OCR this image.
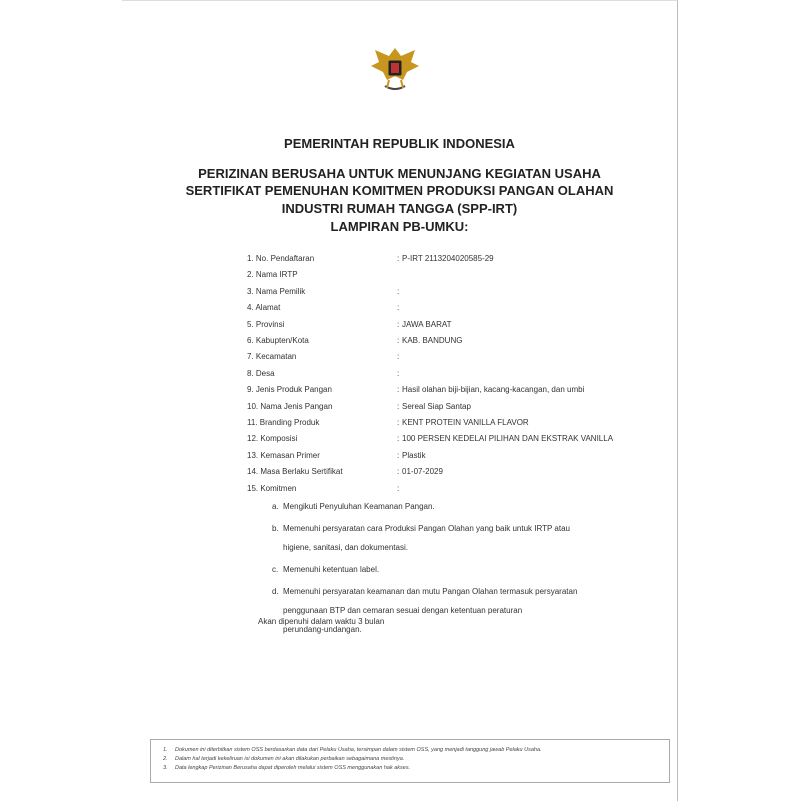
PEMERINTAH REPUBLIK INDONESIA
PERIZINAN BERUSAHA UNTUK MENUNJANG KEGIATAN USAHA
SERTIFIKAT PEMENUHAN KOMITMEN PRODUKSI PANGAN OLAHAN
INDUSTRI RUMAH TANGGA (SPP-IRT)
LAMPIRAN PB-UMKU:
1. No. Pendaftaran	: P-IRT 2113204020585-29
2. Nama IRTP
3. Nama Pemilik	:
4. Alamat	:
5. Provinsi	: JAWA BARAT
6. Kabupten/Kota	: KAB. BANDUNG
7. Kecamatan	:
8. Desa	:
9. Jenis Produk Pangan	: Hasil olahan biji-bijian, kacang-kacangan, dan umbi
10. Nama Jenis Pangan	: Sereal Siap Santap
11. Branding Produk	: KENT PROTEIN VANILLA FLAVOR
12. Komposisi	: 100 PERSEN KEDELAI PILIHAN DAN EKSTRAK VANILLA
13. Kemasan Primer	: Plastik
14. Masa Berlaku Sertifikat	: 01-07-2029
15. Komitmen	:
a. Mengikuti Penyuluhan Keamanan Pangan.
b. Memenuhi persyaratan cara Produksi Pangan Olahan yang baik untuk IRTP atau
higiene, sanitasi, dan dokumentasi.
c. Memenuhi ketentuan label.
d. Memenuhi persyaratan keamanan dan mutu Pangan Olahan termasuk persyaratan
penggunaan BTP dan cemaran sesuai dengan ketentuan peraturan
perundang-undangan.
Akan dipenuhi dalam waktu 3 bulan
1. Dokumen ini diterbitkan sistem OSS berdasarkan data dari Pelaku Usaha, tersimpan dalam sistem OSS, yang menjadi tanggung jawab Pelaku Usaha.
2. Dalam hal terjadi kekeliruan isi dokumen ini akan dilakukan perbaikan sebagaimana mestinya.
3. Data lengkap Perizinan Berusaha dapat diperoleh melalui sistem OSS menggunakan hak akses.
